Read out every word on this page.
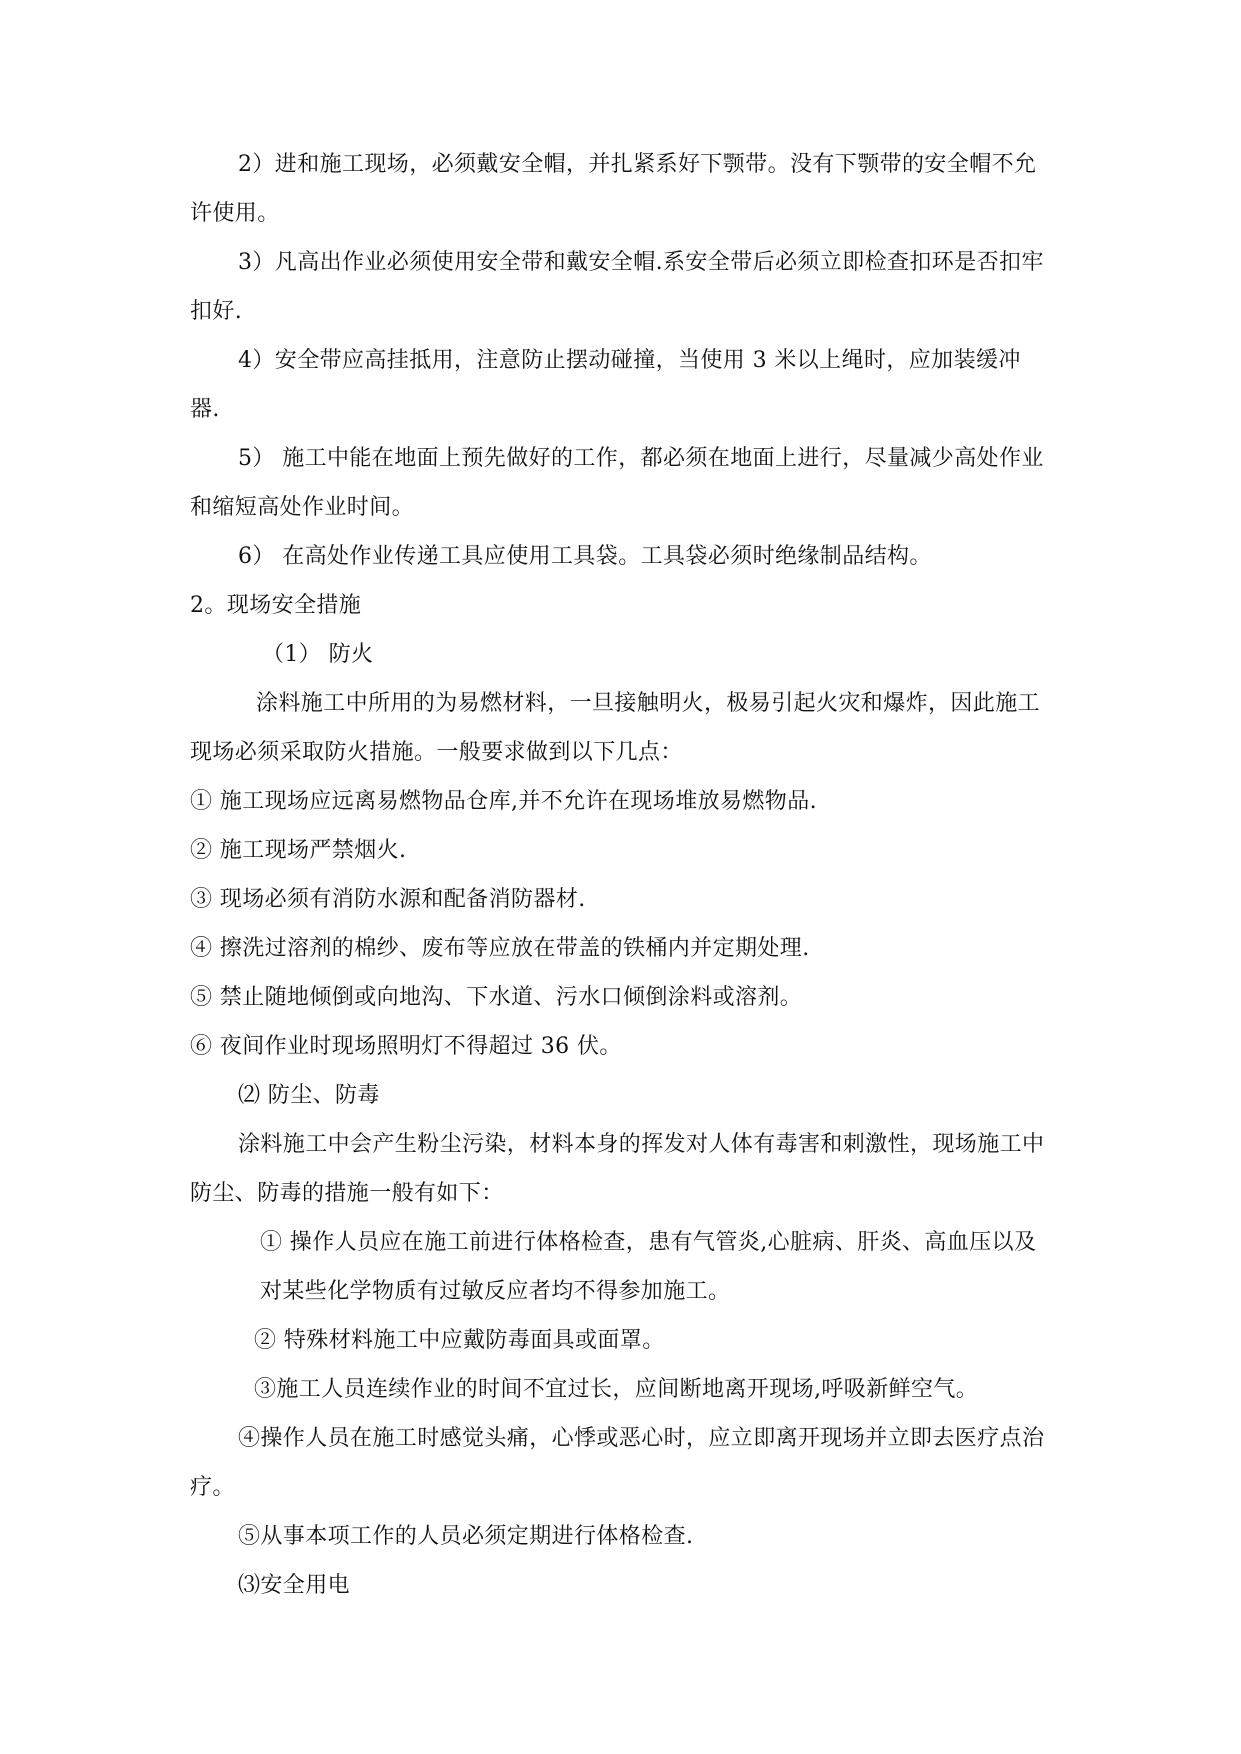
2）进和施工现场，必须戴安全帽，并扎紧系好下颚带。没有下颚带的安全帽不允许使用。

3）凡高出作业必须使用安全带和戴安全帽.系安全带后必须立即检查扣环是否扣牢扣好.

4）安全带应高挂抵用，注意防止摆动碰撞，当使用 3 米以上绳时，应加装缓冲器.

5） 施工中能在地面上预先做好的工作，都必须在地面上进行，尽量减少高处作业和缩短高处作业时间。

6） 在高处作业传递工具应使用工具袋。工具袋必须时绝缘制品结构。

2。现场安全措施

（1） 防火

涂料施工中所用的为易燃材料，一旦接触明火，极易引起火灾和爆炸，因此施工现场必须采取防火措施。一般要求做到以下几点：

① 施工现场应远离易燃物品仓库,并不允许在现场堆放易燃物品.

② 施工现场严禁烟火.

③ 现场必须有消防水源和配备消防器材.

④ 擦洗过溶剂的棉纱、废布等应放在带盖的铁桶内并定期处理.

⑤ 禁止随地倾倒或向地沟、下水道、污水口倾倒涂料或溶剂。

⑥ 夜间作业时现场照明灯不得超过 36 伏。

⑵ 防尘、防毒

涂料施工中会产生粉尘污染，材料本身的挥发对人体有毒害和刺激性，现场施工中防尘、防毒的措施一般有如下：

① 操作人员应在施工前进行体格检查，患有气管炎,心脏病、肝炎、高血压以及对某些化学物质有过敏反应者均不得参加施工。

② 特殊材料施工中应戴防毒面具或面罩。

③施工人员连续作业的时间不宜过长，应间断地离开现场,呼吸新鲜空气。

④操作人员在施工时感觉头痛，心悸或恶心时，应立即离开现场并立即去医疗点治疗。

⑤从事本项工作的人员必须定期进行体格检查.

⑶安全用电
